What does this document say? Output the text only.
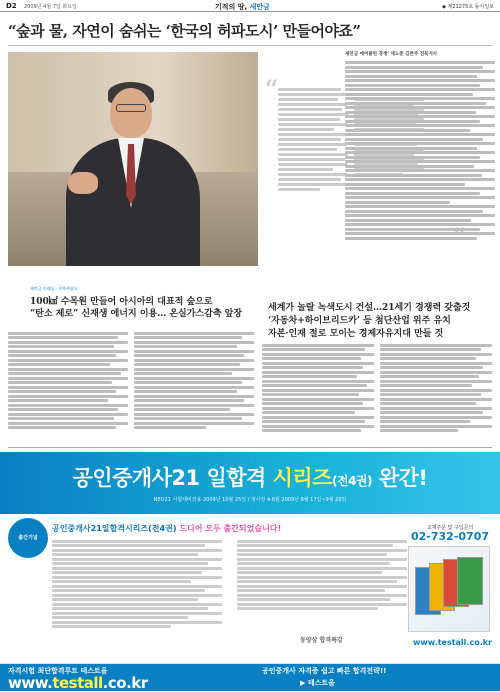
D2 2009년 4월 7일 화요일	기적의 땅, 새만금	◆ 제21275호 동아일보
“숲과 물, 자연이 숨쉬는 ‘한국의 허파도시’ 만들어야죠”
“
새만금 에어클린 경쟁’ 세노준 김완주 전북지사
새만금 미래를 · 전북핵심도
100㎢ 수목원 만들어 아시아의 대표적 숲으로
“탄소 제로” 신재생 에너지 이용… 온실가스감축 앞장
세계가 놀랄 녹색도시 건설…21세기 경쟁력 갖출것
‘자동차+하이브리드카’ 등 첨단산업 위주 유치
자본·인재 절로 모이는 경제자유지대 만들 것
공인중개사21 일합격 시리즈(전4권) 완간!
NEO21 시험대비전용 2009년 10월 25일 / 정사장 4·6월 2009년 8월 17일~9월 20일
출간기념
공인중개사21일합격시리즈(전4권) 드디어 모두 출간되었습니다!	교재주문 및 구입문의
02-732-0707
동양삼 합격특강	www.testall.co.kr
자격시험 최단합격루트 테스트올
www.testall.co.kr
공인중개사 자격증 쉽고 빠른 합격전략!!
▶ 테스트올
